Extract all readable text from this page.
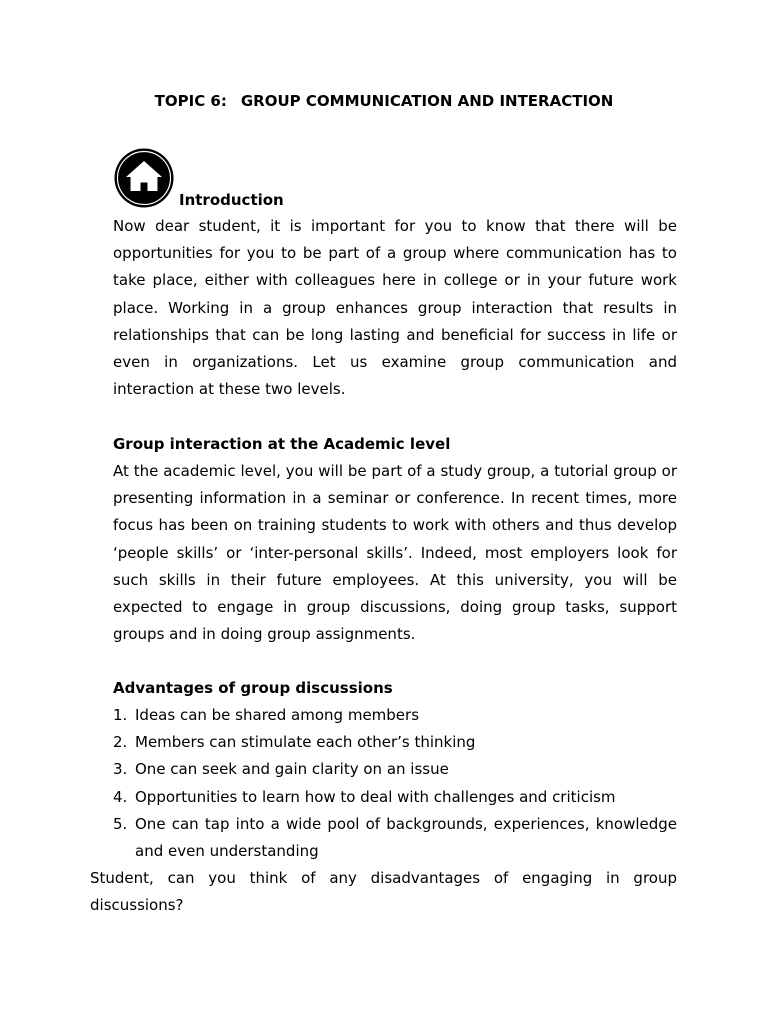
TOPIC 6: GROUP COMMUNICATION AND INTERACTION
Introduction

Now dear student, it is important for you to know that there will be opportunities for you to be part of a group where communication has to take place, either with colleagues here in college or in your future work place. Working in a group enhances group interaction that results in relationships that can be long lasting and beneficial for success in life or even in organizations. Let us examine group communication and interaction at these two levels.

Group interaction at the Academic level

At the academic level, you will be part of a study group, a tutorial group or presenting information in a seminar or conference. In recent times, more focus has been on training students to work with others and thus develop ‘people skills’ or ‘inter-personal skills’. Indeed, most employers look for such skills in their future employees. At this university, you will be expected to engage in group discussions, doing group tasks, support groups and in doing group assignments.

Advantages of group discussions
1. Ideas can be shared among members
2. Members can stimulate each other’s thinking
3. One can seek and gain clarity on an issue
4. Opportunities to learn how to deal with challenges and criticism
5. One can tap into a wide pool of backgrounds, experiences, knowledge and even understanding
Student, can you think of any disadvantages of engaging in group discussions?
